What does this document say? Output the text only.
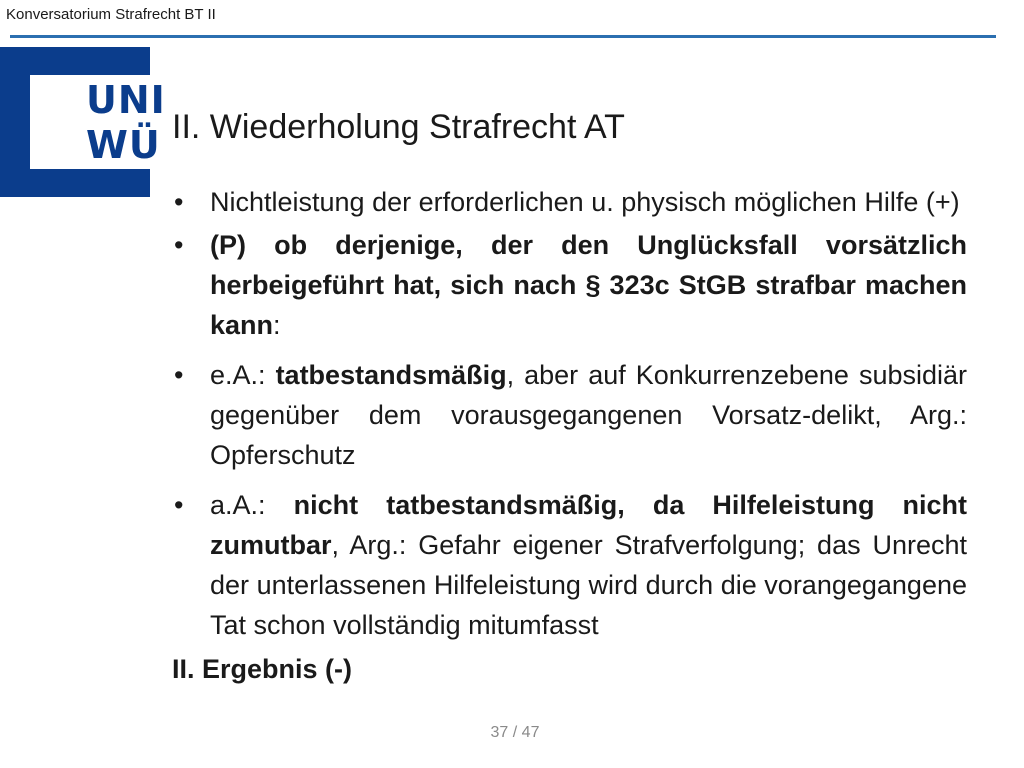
Konversatorium Strafrecht BT II
UNI
WÜ II. Wiederholung Strafrecht AT

• Nichtleistung der erforderlichen u. physisch möglichen Hilfe (+)

• (P) ob derjenige, der den Unglücksfall vorsätzlich herbeigeführt hat, sich nach § 323c StGB strafbar machen kann:

• e.A.: tatbestandsmäßig, aber auf Konkurrenzebene subsidiär gegenüber dem vorausgegangenen Vorsatz-delikt, Arg.: Opferschutz

• a.A.: nicht tatbestandsmäßig, da Hilfeleistung nicht zumutbar, Arg.: Gefahr eigener Strafverfolgung; das Unrecht der unterlassenen Hilfeleistung wird durch die vorangegangene Tat schon vollständig mitumfasst

II. Ergebnis (-)
37 / 47
